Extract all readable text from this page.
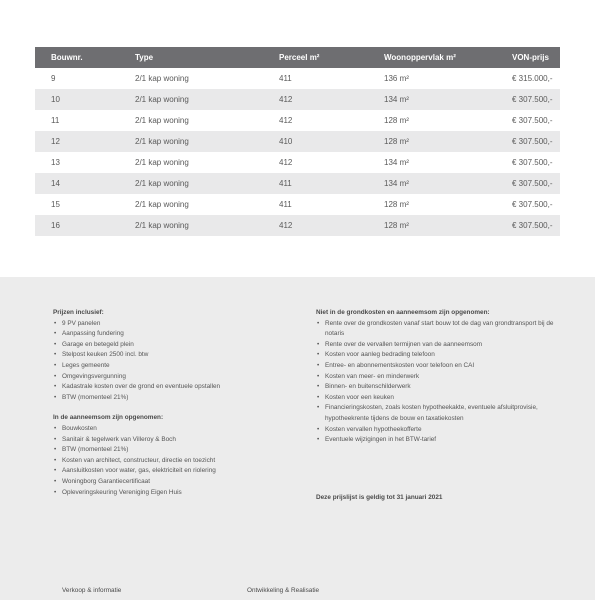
Bouwnr.	Type	Perceel m²	Woonoppervlak m²	VON-prijs
9	2/1 kap woning	411	136 m²	€ 315.000,-
10	2/1 kap woning	412	134 m²	€ 307.500,-
11	2/1 kap woning	412	128 m²	€ 307.500,-
12	2/1 kap woning	410	128 m²	€ 307.500,-
13	2/1 kap woning	412	134 m²	€ 307.500,-
14	2/1 kap woning	411	134 m²	€ 307.500,-
15	2/1 kap woning	411	128 m²	€ 307.500,-
16	2/1 kap woning	412	128 m²	€ 307.500,-
Prijzen inclusief:
• 9 PV panelen
• Aanpassing fundering
• Garage en betegeld plein
• Stelpost keuken 2500 incl. btw
• Leges gemeente
• Omgevingsvergunning
• Kadastrale kosten over de grond en eventuele opstallen
• BTW (momenteel 21%)
In de aanneemsom zijn opgenomen:
• Bouwkosten
• Sanitair & tegelwerk van Villeroy & Boch
• BTW (momenteel 21%)
• Kosten van architect, constructeur, directie en toezicht
• Aansluitkosten voor water, gas, elektriciteit en riolering
• Woningborg Garantiecertificaat
• Opleveringskeuring Vereniging Eigen Huis
Niet in de grondkosten en aanneemsom zijn opgenomen:
• Rente over de grondkosten vanaf start bouw tot de dag van grondtransport bij de notaris
• Rente over de vervallen termijnen van de aanneemsom
• Kosten voor aanleg bedrading telefoon
• Entree- en abonnementskosten voor telefoon en CAI
• Kosten van meer- en minderwerk
• Binnen- en buitenschilderwerk
• Kosten voor een keuken
• Financieringskosten, zoals kosten hypotheekakte, eventuele afsluitprovisie, hypotheekrente tijdens de bouw en taxatiekosten
• Kosten vervallen hypotheekofferte
• Eventuele wijzigingen in het BTW-tarief
Deze prijslijst is geldig tot 31 januari 2021
Verkoop & informatie	Ontwikkeling & Realisatie
